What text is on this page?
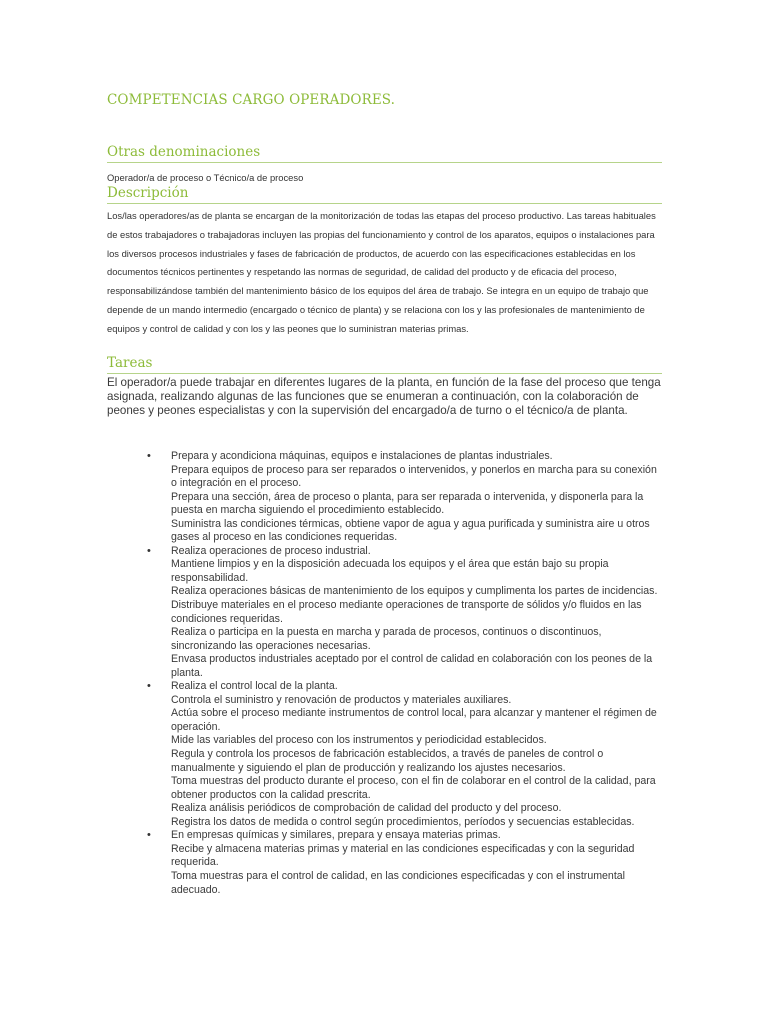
COMPETENCIAS CARGO OPERADORES.
Otras denominaciones

Operador/a de proceso o Técnico/a de proceso

Descripción

Los/las operadores/as de planta se encargan de la monitorización de todas las etapas del proceso productivo. Las tareas habituales de estos trabajadores o trabajadoras incluyen las propias del funcionamiento y control de los aparatos, equipos o instalaciones para los diversos procesos industriales y fases de fabricación de productos, de acuerdo con las especificaciones establecidas en los documentos técnicos pertinentes y respetando las normas de seguridad, de calidad del producto y de eficacia del proceso, responsabilizándose también del mantenimiento básico de los equipos del área de trabajo. Se integra en un equipo de trabajo que depende de un mando intermedio (encargado o técnico de planta) y se relaciona con los y las profesionales de mantenimiento de equipos y control de calidad y con los y las peones que lo suministran materias primas.

Tareas

El operador/a puede trabajar en diferentes lugares de la planta, en función de la fase del proceso que tenga asignada, realizando algunas de las funciones que se enumeran a continuación, con la colaboración de peones y peones especialistas y con la supervisión del encargado/a de turno o el técnico/a de planta.

• Prepara y acondiciona máquinas, equipos e instalaciones de plantas industriales.
Prepara equipos de proceso para ser reparados o intervenidos, y ponerlos en marcha para su conexión o integración en el proceso.
Prepara una sección, área de proceso o planta, para ser reparada o intervenida, y disponerla para la puesta en marcha siguiendo el procedimiento establecido.
Suministra las condiciones térmicas, obtiene vapor de agua y agua purificada y suministra aire u otros gases al proceso en las condiciones requeridas.
• Realiza operaciones de proceso industrial.
Mantiene limpios y en la disposición adecuada los equipos y el área que están bajo su propia responsabilidad.
Realiza operaciones básicas de mantenimiento de los equipos y cumplimenta los partes de incidencias.
Distribuye materiales en el proceso mediante operaciones de transporte de sólidos y/o fluidos en las condiciones requeridas.
Realiza o participa en la puesta en marcha y parada de procesos, continuos o discontinuos, sincronizando las operaciones necesarias.
Envasa productos industriales aceptado por el control de calidad en colaboración con los peones de la planta.
• Realiza el control local de la planta.
Controla el suministro y renovación de productos y materiales auxiliares.
Actúa sobre el proceso mediante instrumentos de control local, para alcanzar y mantener el régimen de operación.
Mide las variables del proceso con los instrumentos y periodicidad establecidos.
Regula y controla los procesos de fabricación establecidos, a través de paneles de control o manualmente y siguiendo el plan de producción y realizando los ajustes necesarios.
Toma muestras del producto durante el proceso, con el fin de colaborar en el control de la calidad, para obtener productos con la calidad prescrita.
Realiza análisis periódicos de comprobación de calidad del producto y del proceso.
Registra los datos de medida o control según procedimientos, períodos y secuencias establecidas.
• En empresas químicas y similares, prepara y ensaya materias primas.
Recibe y almacena materias primas y material en las condiciones especificadas y con la seguridad requerida.
Toma muestras para el control de calidad, en las condiciones especificadas y con el instrumental adecuado.
